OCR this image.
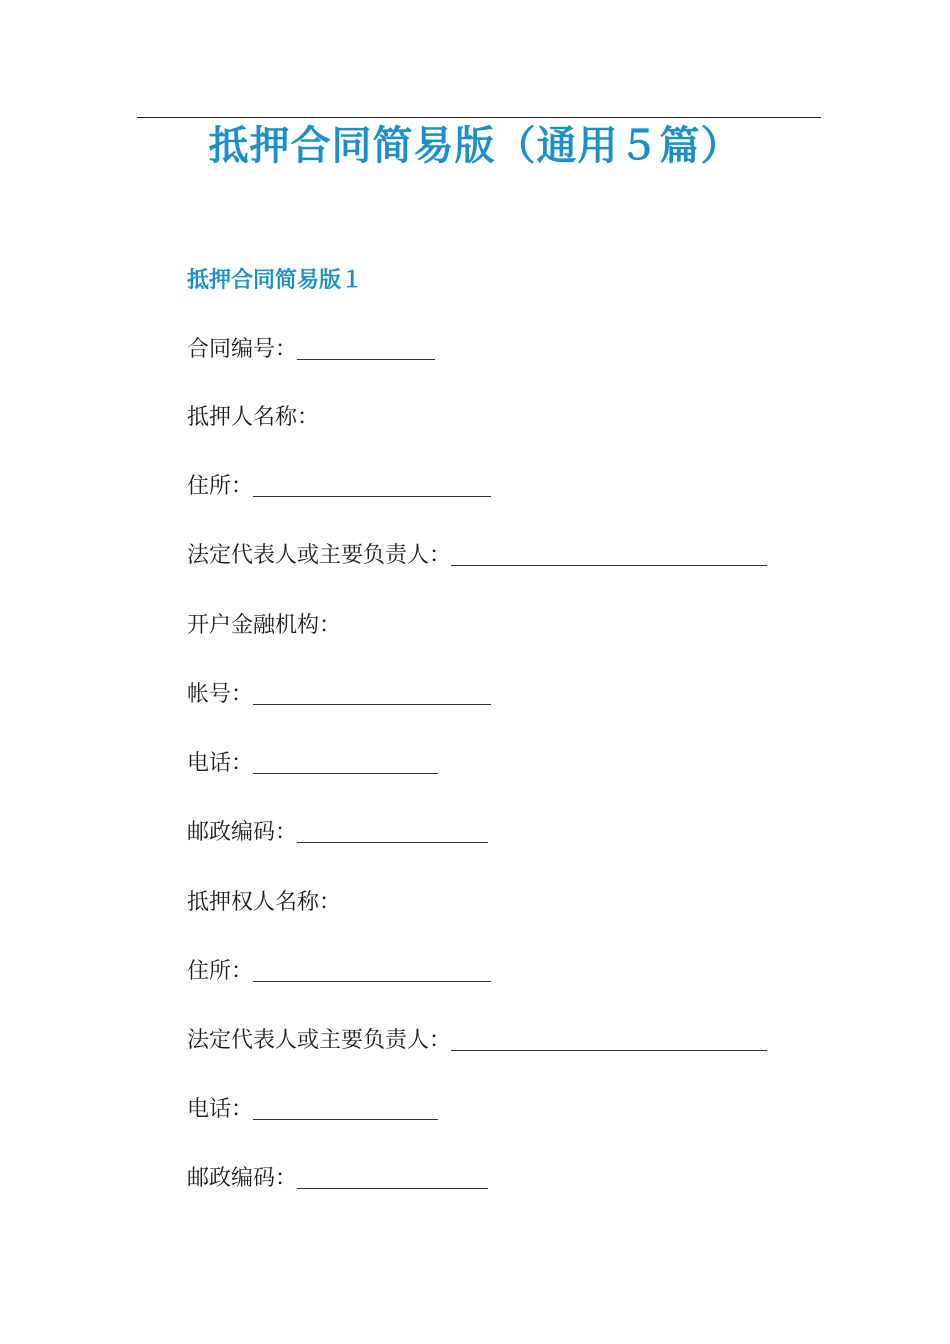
抵押合同简易版（通用５篇）
抵押合同简易版１
合同编号：
抵押人名称：
住所：
法定代表人或主要负责人：
开户金融机构：
帐号：
电话：
邮政编码：
抵押权人名称：
住所：
法定代表人或主要负责人：
电话：
邮政编码：
